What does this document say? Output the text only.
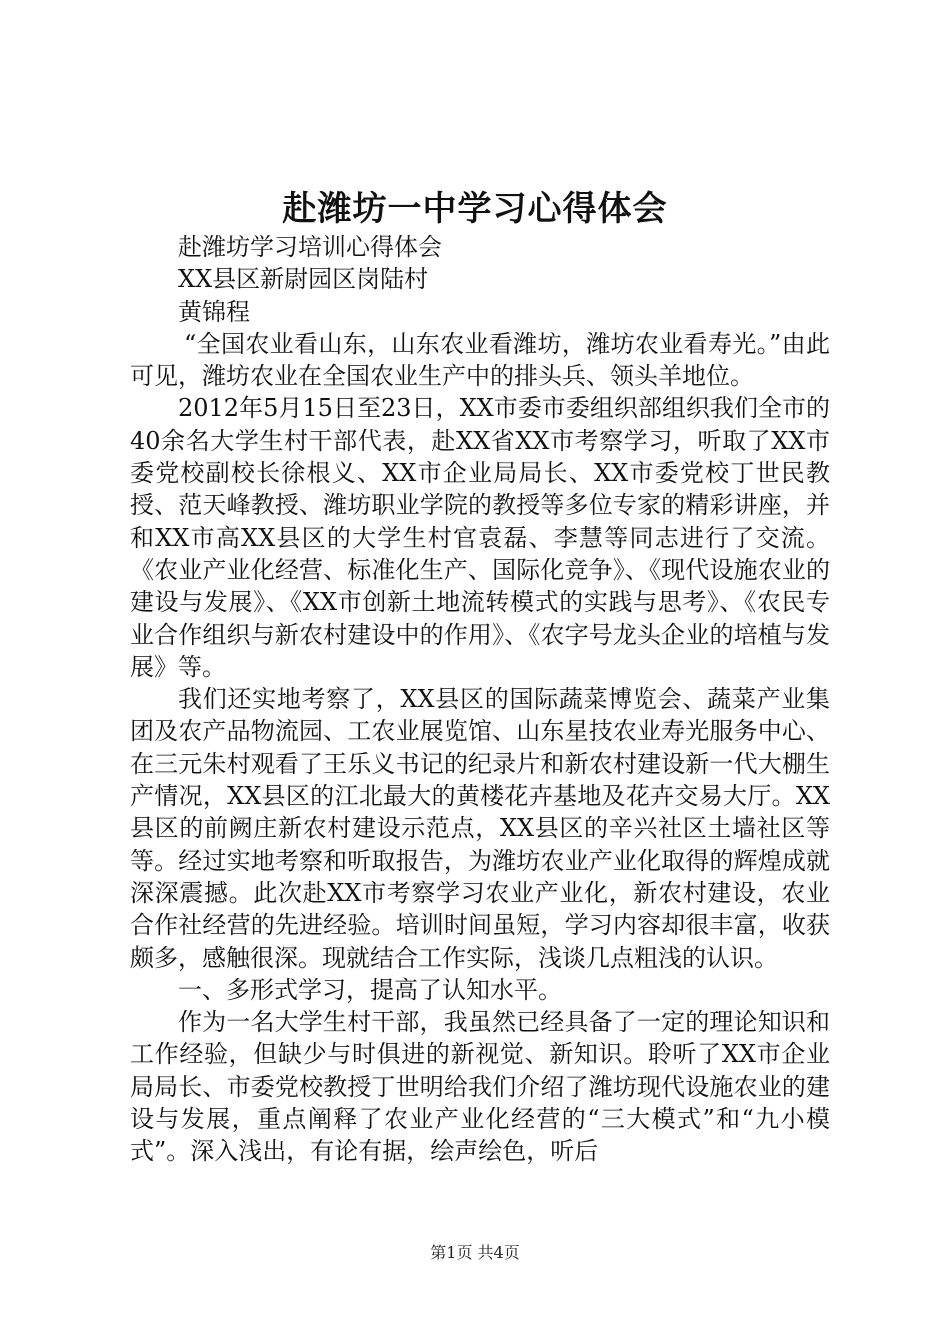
赴潍坊一中学习心得体会

赴潍坊学习培训心得体会

XX县区新尉园区岗陆村

黄锦程

“全国农业看山东，山东农业看潍坊，潍坊农业看寿光。”由此可见，潍坊农业在全国农业生产中的排头兵、领头羊地位。

2012年5月15日至23日，XX市委市委组织部组织我们全市的40余名大学生村干部代表，赴XX省XX市考察学习，听取了XX市委党校副校长徐根义、XX市企业局局长、XX市委党校丁世民教授、范天峰教授、潍坊职业学院的教授等多位专家的精彩讲座，并和XX市高XX县区的大学生村官袁磊、李慧等同志进行了交流。《农业产业化经营、标准化生产、国际化竞争》、《现代设施农业的建设与发展》、《XX市创新土地流转模式的实践与思考》、《农民专业合作组织与新农村建设中的作用》、《农字号龙头企业的培植与发展》等。

我们还实地考察了，XX县区的国际蔬菜博览会、蔬菜产业集团及农产品物流园、工农业展览馆、山东星技农业寿光服务中心、在三元朱村观看了王乐义书记的纪录片和新农村建设新一代大棚生产情况，XX县区的江北最大的黄楼花卉基地及花卉交易大厅。XX县区的前阙庄新农村建设示范点，XX县区的辛兴社区土墙社区等等。经过实地考察和听取报告，为潍坊农业产业化取得的辉煌成就深深震撼。此次赴XX市考察学习农业产业化，新农村建设，农业合作社经营的先进经验。培训时间虽短，学习内容却很丰富，收获颇多，感触很深。现就结合工作实际，浅谈几点粗浅的认识。

一、多形式学习，提高了认知水平。

作为一名大学生村干部，我虽然已经具备了一定的理论知识和工作经验，但缺少与时俱进的新视觉、新知识。聆听了XX市企业局局长、市委党校教授丁世明给我们介绍了潍坊现代设施农业的建设与发展，重点阐释了农业产业化经营的“三大模式”和“九小模式”。深入浅出，有论有据，绘声绘色，听后

第1页 共4页
